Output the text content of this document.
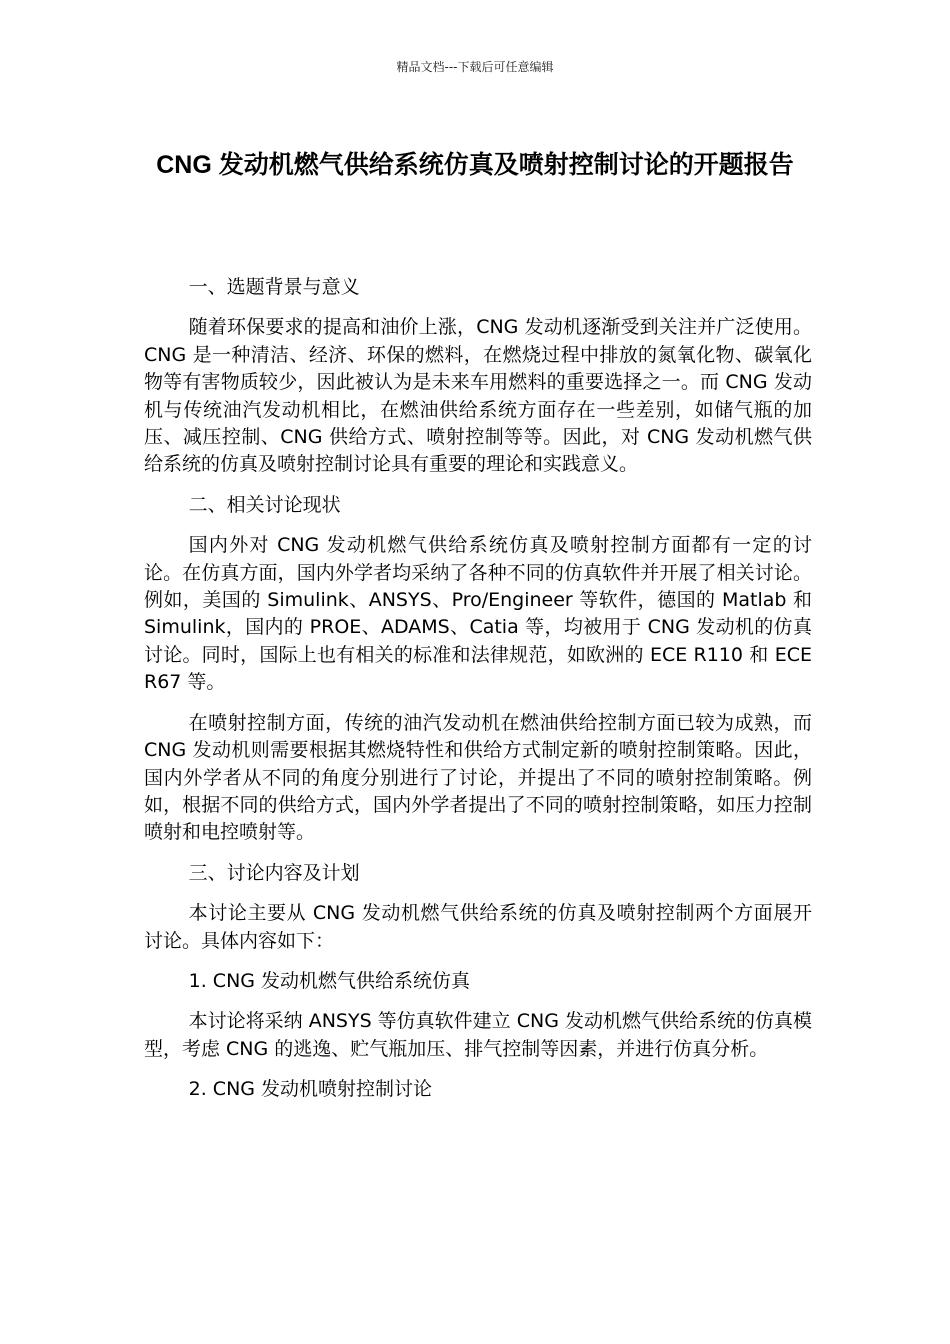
精品文档---下载后可任意编辑
CNG 发动机燃气供给系统仿真及喷射控制讨论的开题报告

一、选题背景与意义

随着环保要求的提高和油价上涨，CNG 发动机逐渐受到关注并广泛使用。CNG 是一种清洁、经济、环保的燃料，在燃烧过程中排放的氮氧化物、碳氧化物等有害物质较少，因此被认为是未来车用燃料的重要选择之一。而 CNG 发动机与传统油汽发动机相比，在燃油供给系统方面存在一些差别，如储气瓶的加压、减压控制、CNG 供给方式、喷射控制等等。因此，对 CNG 发动机燃气供给系统的仿真及喷射控制讨论具有重要的理论和实践意义。

二、相关讨论现状

国内外对 CNG 发动机燃气供给系统仿真及喷射控制方面都有一定的讨论。在仿真方面，国内外学者均采纳了各种不同的仿真软件并开展了相关讨论。例如，美国的 Simulink、ANSYS、Pro/Engineer 等软件，德国的 Matlab 和 Simulink，国内的 PROE、ADAMS、Catia 等，均被用于 CNG 发动机的仿真讨论。同时，国际上也有相关的标准和法律规范，如欧洲的 ECE R110 和 ECE R67 等。

在喷射控制方面，传统的油汽发动机在燃油供给控制方面已较为成熟，而 CNG 发动机则需要根据其燃烧特性和供给方式制定新的喷射控制策略。因此，国内外学者从不同的角度分别进行了讨论，并提出了不同的喷射控制策略。例如，根据不同的供给方式，国内外学者提出了不同的喷射控制策略，如压力控制喷射和电控喷射等。

三、讨论内容及计划

本讨论主要从 CNG 发动机燃气供给系统的仿真及喷射控制两个方面展开讨论。具体内容如下：

1. CNG 发动机燃气供给系统仿真

本讨论将采纳 ANSYS 等仿真软件建立 CNG 发动机燃气供给系统的仿真模型，考虑 CNG 的逃逸、贮气瓶加压、排气控制等因素，并进行仿真分析。

2. CNG 发动机喷射控制讨论
